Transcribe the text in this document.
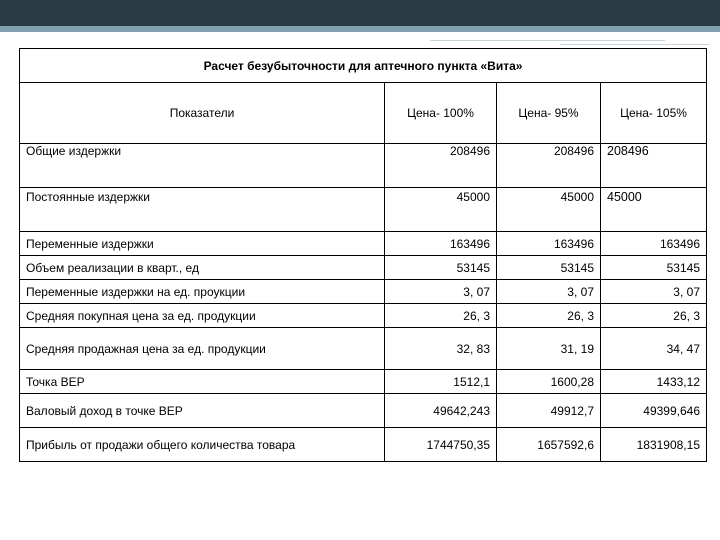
Расчет безубыточности для аптечного пункта «Вита»			
Показатели	Цена- 100%	Цена- 95%	Цена- 105%
Общие издержки	208496	208496	208496
Постоянные издержки	45000	45000	45000
Переменные издержки	163496	163496	163496
Объем реализации в кварт., ед	53145	53145	53145
Переменные издержки на ед. проукции	3, 07	3, 07	3, 07
Средняя покупная цена за ед. продукции	26, 3	26, 3	26, 3
Средняя продажная цена за ед. продукции	32, 83	31, 19	34, 47
Точка BEP	1512,1	1600,28	1433,12
Валовый доход в точке BEP	49642,243	49912,7	49399,646
Прибыль от продажи общего количества товара	1744750,35	1657592,6	1831908,15
